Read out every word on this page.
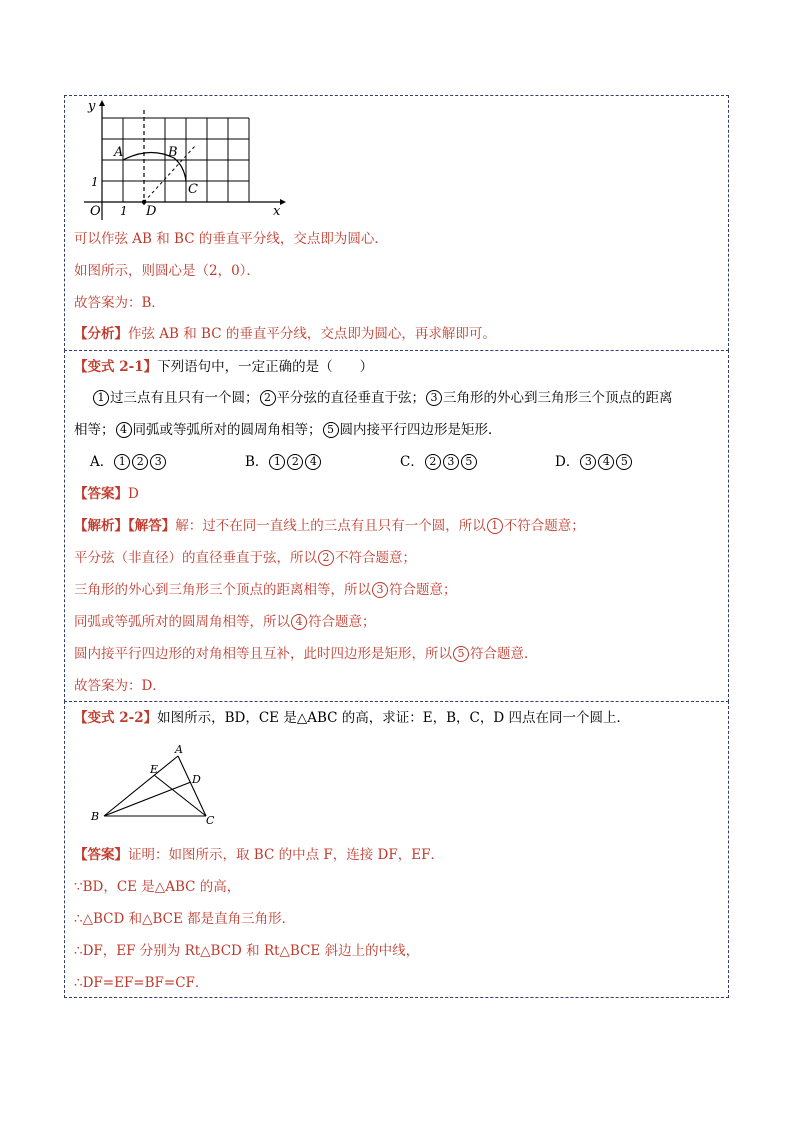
y
x
O 1
1
A	B
C
D
可以作弦 AB 和 BC 的垂直平分线，交点即为圆心．
如图所示，则圆心是（2，0）．
故答案为：B．
【分析】作弦 AB 和 BC 的垂直平分线，交点即为圆心，再求解即可。
【变式 2-1】下列语句中，一定正确的是（　　）
1 过三点有且只有一个圆； 2 平分弦的直径垂直于弦； 3 三角形的外心到三角形三个顶点的距离
相等； 4 同弧或等弧所对的圆周角相等； 5 圆内接平行四边形是矩形．
A． 1 2 3	B． 1 2 4	C． 2 3 5	D． 3 4 5
【答案】D
【解析】【解答】解：过不在同一直线上的三点有且只有一个圆，所以 1 不符合题意；
平分弦（非直径）的直径垂直于弦，所以 2 不符合题意；
三角形的外心到三角形三个顶点的距离相等，所以 3 符合题意；
同弧或等弧所对的圆周角相等，所以 4 符合题意；
圆内接平行四边形的对角相等且互补，此时四边形是矩形，所以 5 符合题意．
故答案为：D．
【变式 2-2】如图所示，BD，CE 是△ABC 的高，求证：E，B，C，D 四点在同一个圆上．
A
B	C
D
E
【答案】证明：如图所示，取 BC 的中点 F，连接 DF，EF．
∵BD，CE 是△ABC 的高，
∴△BCD 和△BCE 都是直角三角形．
∴DF，EF 分别为 Rt△BCD 和 Rt△BCE 斜边上的中线，
∴DF=EF=BF=CF．
